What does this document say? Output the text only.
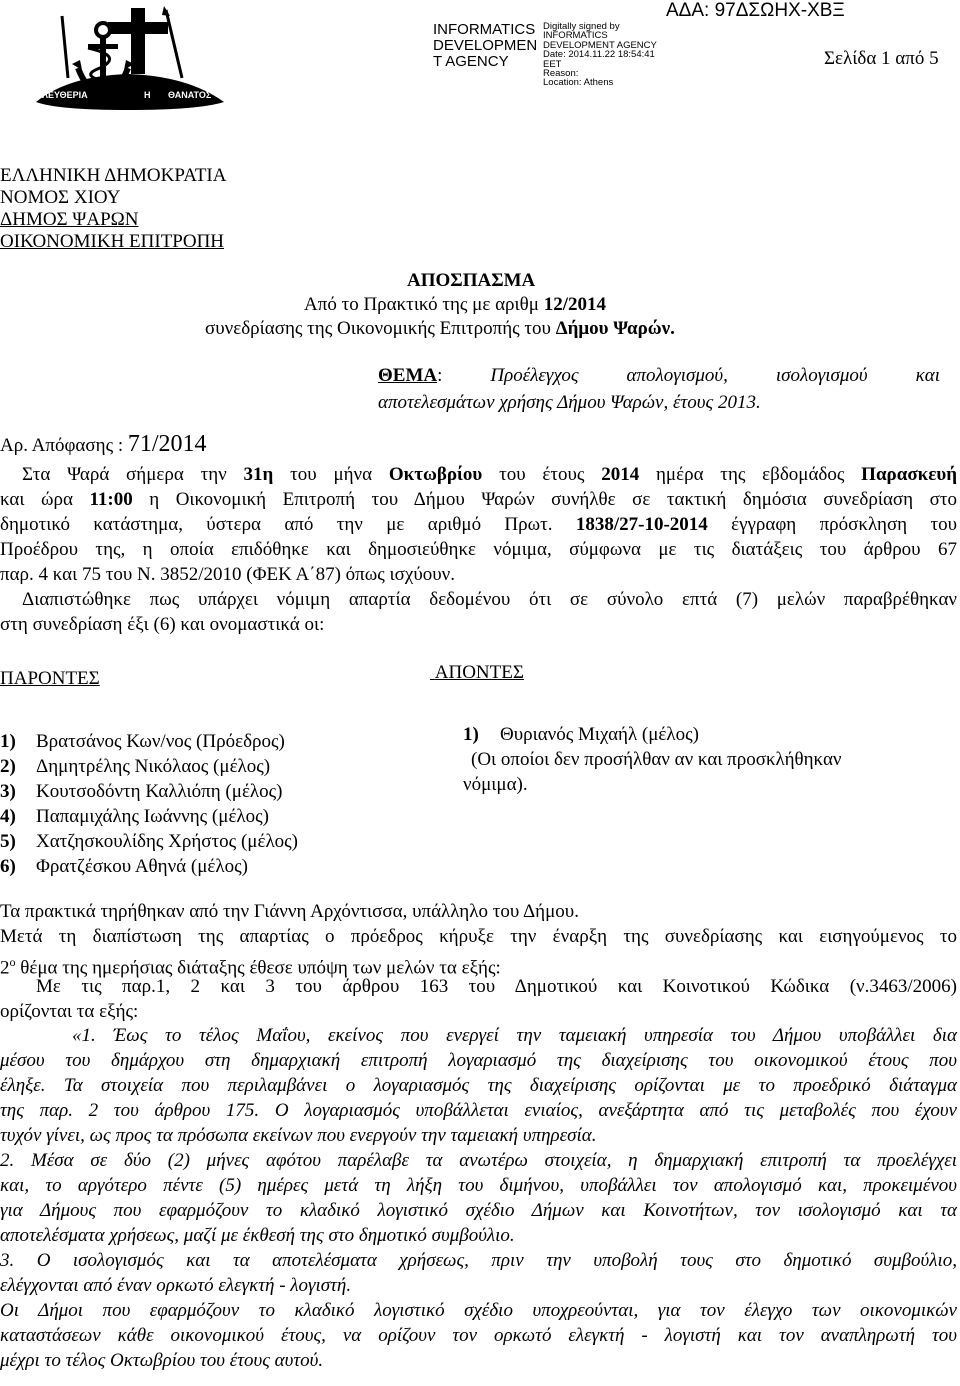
ΕΛΕΥΘΕΡΙΑ	Η ΘΑΝΑΤΟΣ
INFORMATICS
DEVELOPMEN
T AGENCY
Digitally signed by
INFORMATICS
DEVELOPMENT AGENCY
Date: 2014.11.22 18:54:41
EET
Reason:
Location: Athens
ΑΔΑ: 97ΔΣΩΗΧ-ΧΒΞ
Σελίδα 1 από 5
ΕΛΛΗΝΙΚΗ ΔΗΜΟΚΡΑΤΙΑ
ΝΟΜΟΣ ΧΙΟΥ
ΔΗΜΟΣ ΨΑΡΩΝ
ΟΙΚΟΝΟΜΙΚΗ ΕΠΙΤΡΟΠΗ
ΑΠΟΣΠΑΣΜΑ
Από το Πρακτικό της με αριθμ 12/2014
συνεδρίασης της Οικονομικής Επιτροπής του Δήμου Ψαρών.
ΘΕΜΑ: Προέλεγχος απολογισμού, ισολογισμού και
αποτελεσμάτων χρήσης Δήμου Ψαρών, έτους 2013.
Αρ. Απόφασης : 71/2014
Στα Ψαρά σήμερα την 31η του μήνα Οκτωβρίου του έτους 2014 ημέρα της εβδομάδος Παρασκευή
και ώρα 11:00 η Οικονομική Επιτροπή του Δήμου Ψαρών συνήλθε σε τακτική δημόσια συνεδρίαση στο
δημοτικό κατάστημα, ύστερα από την με αριθμό Πρωτ. 1838/27-10-2014 έγγραφη πρόσκληση του
Προέδρου της, η οποία επιδόθηκε και δημοσιεύθηκε νόμιμα, σύμφωνα με τις διατάξεις του άρθρου 67
παρ. 4 και 75 του Ν. 3852/2010 (ΦΕΚ Α΄87) όπως ισχύουν.
Διαπιστώθηκε πως υπάρχει νόμιμη απαρτία δεδομένου ότι σε σύνολο επτά (7) μελών παραβρέθηκαν
στη συνεδρίαση έξι (6) και ονομαστικά οι:
ΠΑΡΟΝΤΕΣ
1) Βρατσάνος Κων/νος (Πρόεδρος)
2) Δημητρέλης Νικόλαος (μέλος)
3) Κουτσοδόντη Καλλιόπη (μέλος)
4) Παπαμιχάλης Ιωάννης (μέλος)
5) Χατζησκουλίδης Χρήστος (μέλος)
6) Φρατζέσκου Αθηνά (μέλος)
ΑΠΟΝΤΕΣ
1) Θυριανός Μιχαήλ (μέλος)
(Οι οποίοι δεν προσήλθαν αν και προσκλήθηκαν
νόμιμα).
Τα πρακτικά τηρήθηκαν από την Γιάννη Αρχόντισσα, υπάλληλο του Δήμου.
Μετά τη διαπίστωση της απαρτίας ο πρόεδρος κήρυξε την έναρξη της συνεδρίασης και εισηγούμενος το
$2^o$ θέμα της ημερήσιας διάταξης έθεσε υπόψη των μελών τα εξής:
Με τις παρ.1, 2 και 3 του άρθρου 163 του Δημοτικού και Κοινοτικού Κώδικα (ν.3463/2006)
ορίζονται τα εξής:
«1. Έως το τέλος Μαΐου, εκείνος που ενεργεί την ταμειακή υπηρεσία του Δήμου υποβάλλει δια
μέσου του δημάρχου στη δημαρχιακή επιτροπή λογαριασμό της διαχείρισης του οικονομικού έτους που
έληξε. Τα στοιχεία που περιλαμβάνει ο λογαριασμός της διαχείρισης ορίζονται με το προεδρικό διάταγμα
της παρ. 2 του άρθρου 175. Ο λογαριασμός υποβάλλεται ενιαίος, ανεξάρτητα από τις μεταβολές που έχουν
τυχόν γίνει, ως προς τα πρόσωπα εκείνων που ενεργούν την ταμειακή υπηρεσία.
2. Μέσα σε δύο (2) μήνες αφότου παρέλαβε τα ανωτέρω στοιχεία, η δημαρχιακή επιτροπή τα προελέγχει
και, το αργότερο πέντε (5) ημέρες μετά τη λήξη του διμήνου, υποβάλλει τον απολογισμό και, προκειμένου
για Δήμους που εφαρμόζουν το κλαδικό λογιστικό σχέδιο Δήμων και Κοινοτήτων, τον ισολογισμό και τα
αποτελέσματα χρήσεως, μαζί με έκθεσή της στο δημοτικό συμβούλιο.
3. Ο ισολογισμός και τα αποτελέσματα χρήσεως, πριν την υποβολή τους στο δημοτικό συμβούλιο,
ελέγχονται από έναν ορκωτό ελεγκτή - λογιστή.
Οι Δήμοι που εφαρμόζουν το κλαδικό λογιστικό σχέδιο υποχρεούνται, για τον έλεγχο των οικονομικών
καταστάσεων κάθε οικονομικού έτους, να ορίζουν τον ορκωτό ελεγκτή - λογιστή και τον αναπληρωτή του
μέχρι το τέλος Οκτωβρίου του έτους αυτού.
